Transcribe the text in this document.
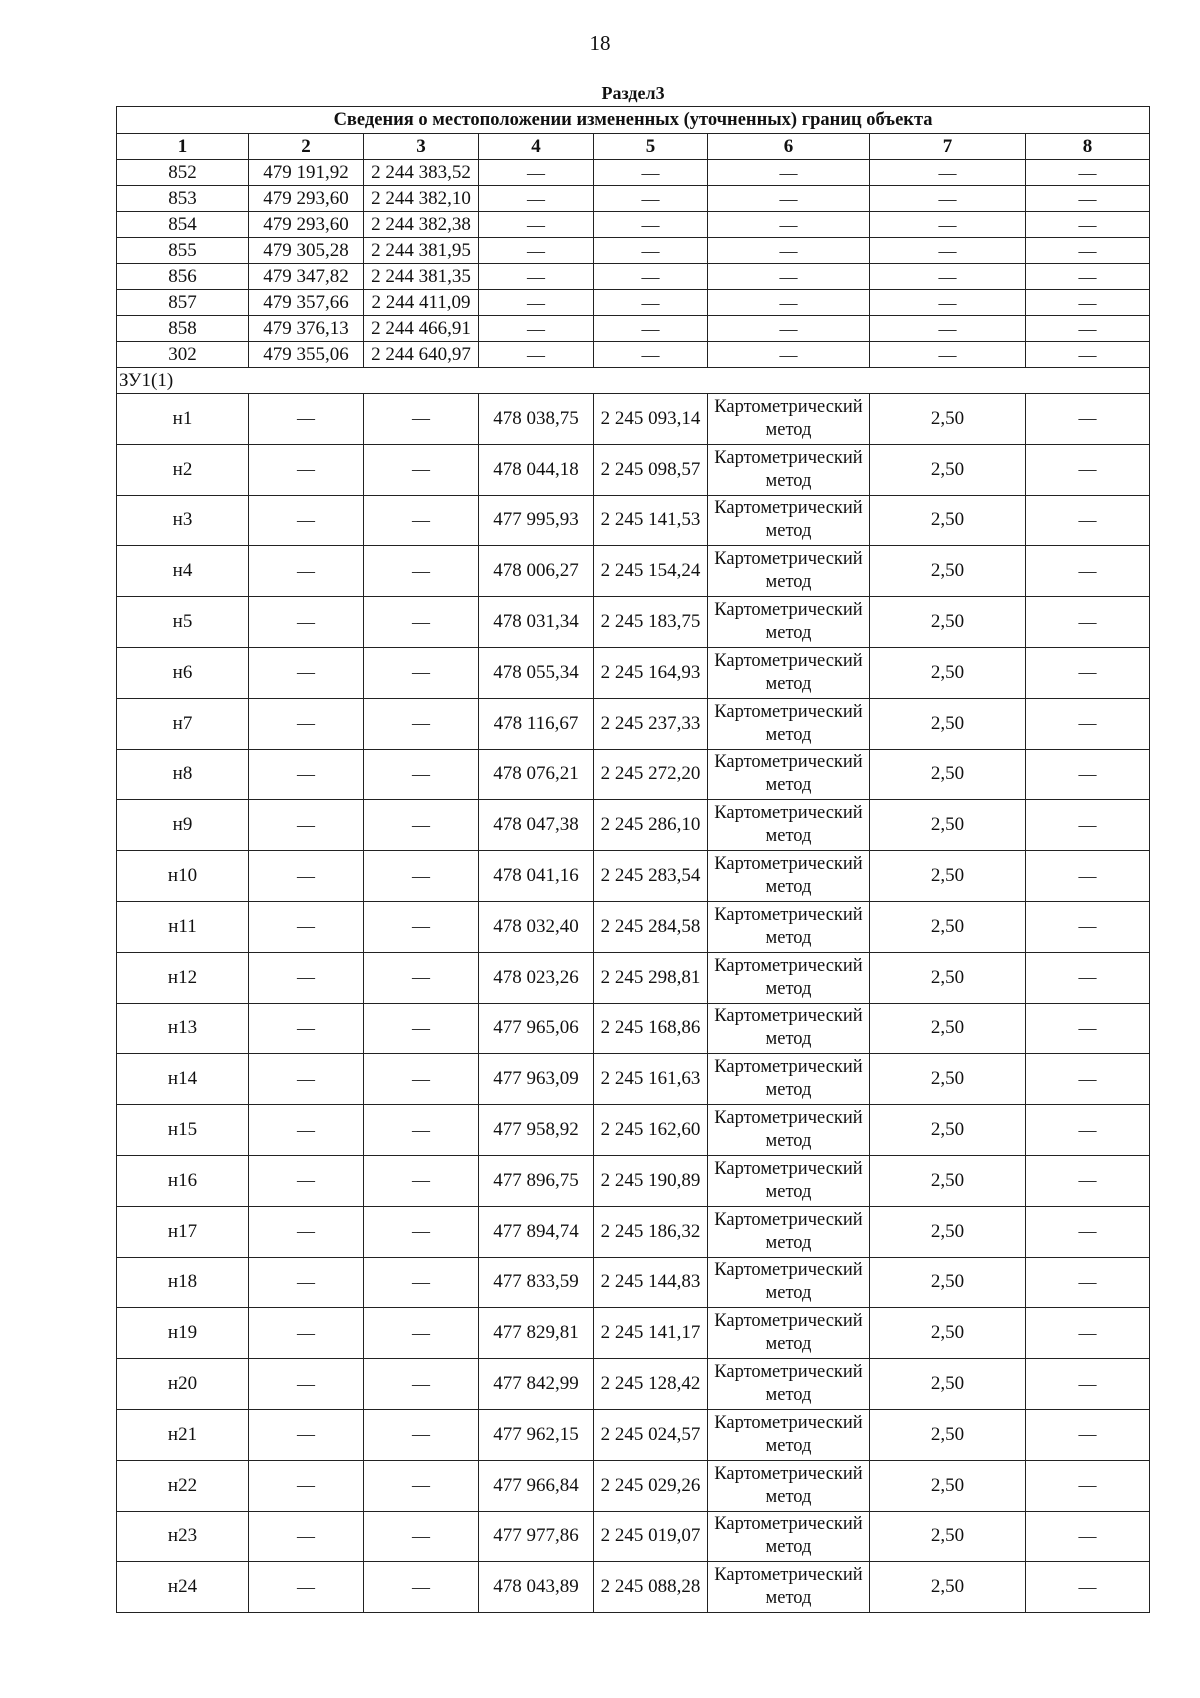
18
Раздел3							
Сведения о местоположении измененных (уточненных) границ объекта							
1	2	3	4	5	6	7	8
852	479 191,92	2 244 383,52	—	—	—	—	—
853	479 293,60	2 244 382,10	—	—	—	—	—
854	479 293,60	2 244 382,38	—	—	—	—	—
855	479 305,28	2 244 381,95	—	—	—	—	—
856	479 347,82	2 244 381,35	—	—	—	—	—
857	479 357,66	2 244 411,09	—	—	—	—	—
858	479 376,13	2 244 466,91	—	—	—	—	—
302	479 355,06	2 244 640,97	—	—	—	—	—
ЗУ1(1)							
н1	—	—	478 038,75	2 245 093,14	Картометрический метод	2,50	—
н2	—	—	478 044,18	2 245 098,57	Картометрический метод	2,50	—
н3	—	—	477 995,93	2 245 141,53	Картометрический метод	2,50	—
н4	—	—	478 006,27	2 245 154,24	Картометрический метод	2,50	—
н5	—	—	478 031,34	2 245 183,75	Картометрический метод	2,50	—
н6	—	—	478 055,34	2 245 164,93	Картометрический метод	2,50	—
н7	—	—	478 116,67	2 245 237,33	Картометрический метод	2,50	—
н8	—	—	478 076,21	2 245 272,20	Картометрический метод	2,50	—
н9	—	—	478 047,38	2 245 286,10	Картометрический метод	2,50	—
н10	—	—	478 041,16	2 245 283,54	Картометрический метод	2,50	—
н11	—	—	478 032,40	2 245 284,58	Картометрический метод	2,50	—
н12	—	—	478 023,26	2 245 298,81	Картометрический метод	2,50	—
н13	—	—	477 965,06	2 245 168,86	Картометрический метод	2,50	—
н14	—	—	477 963,09	2 245 161,63	Картометрический метод	2,50	—
н15	—	—	477 958,92	2 245 162,60	Картометрический метод	2,50	—
н16	—	—	477 896,75	2 245 190,89	Картометрический метод	2,50	—
н17	—	—	477 894,74	2 245 186,32	Картометрический метод	2,50	—
н18	—	—	477 833,59	2 245 144,83	Картометрический метод	2,50	—
н19	—	—	477 829,81	2 245 141,17	Картометрический метод	2,50	—
н20	—	—	477 842,99	2 245 128,42	Картометрический метод	2,50	—
н21	—	—	477 962,15	2 245 024,57	Картометрический метод	2,50	—
н22	—	—	477 966,84	2 245 029,26	Картометрический метод	2,50	—
н23	—	—	477 977,86	2 245 019,07	Картометрический метод	2,50	—
н24	—	—	478 043,89	2 245 088,28	Картометрический метод	2,50	—
